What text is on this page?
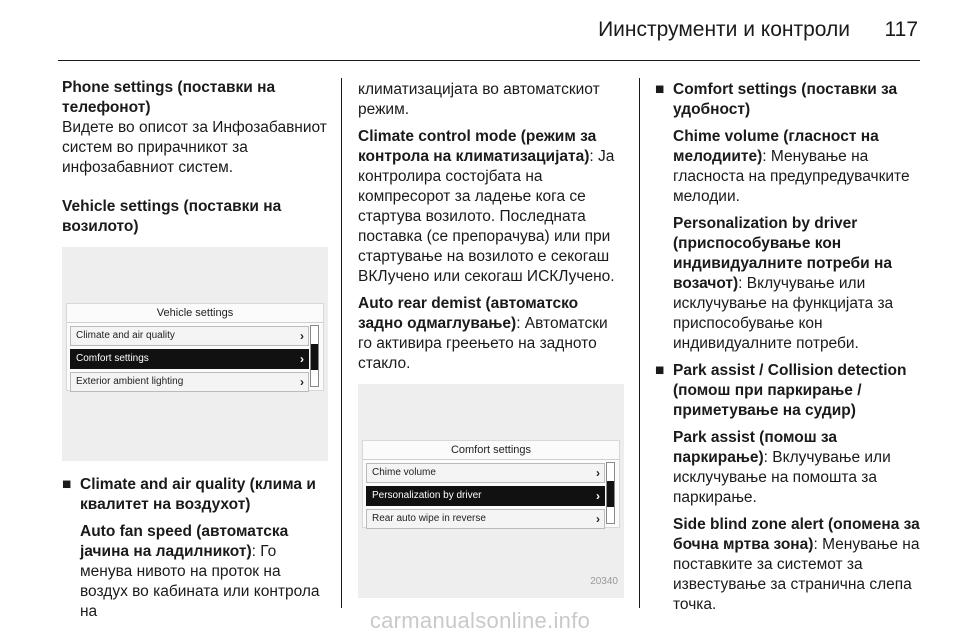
Иинструменти и контроли 117

Phone settings (поставки на телефонот)

Видете во описот за Инфозабавниот систем во прирачникот за инфозабавниот систем.

Vehicle settings (поставки на возилото)

Vehicle settings
Climate and air quality	›
Comfort settings	›
Exterior ambient lighting	›
■ Climate and air quality (клима и квалитет на воздухот)

Auto fan speed (автоматска јачина на ладилникот): Го менува нивото на проток на воздух во кабината или контрола на

климатизацијата во автоматскиот режим.

Climate control mode (режим за контрола на климатизацијата): Ја контролира состојбата на компресорот за ладење кога се стартува возилото. Последната поставка (се препорачува) или при стартување на возилото е секогаш ВКЛучено или секогаш ИСКЛучено.

Auto rear demist (автоматско задно одмаглување): Автоматски го активира греењето на задното стакло.

Comfort settings
Chime volume	›
Personalization by driver	›
Rear auto wipe in reverse	›
20340
■ Comfort settings (поставки за удобност)

Chime volume (гласност на мелодиите): Менување на гласноста на предупредувачките мелодии.

Personalization by driver (приспособување кон индивидуалните потреби на возачот): Вклучување или исклучување на функцијата за приспособување кон индивидуалните потреби.

■ Park assist / Collision detection (помош при паркирање / приметување на судир)

Park assist (помош за паркирање): Вклучување или исклучување на помошта за паркирање.

Side blind zone alert (опомена за бочна мртва зона): Менување на поставките за системот за известување за странична слепа точка.

carmanualsonline.info
